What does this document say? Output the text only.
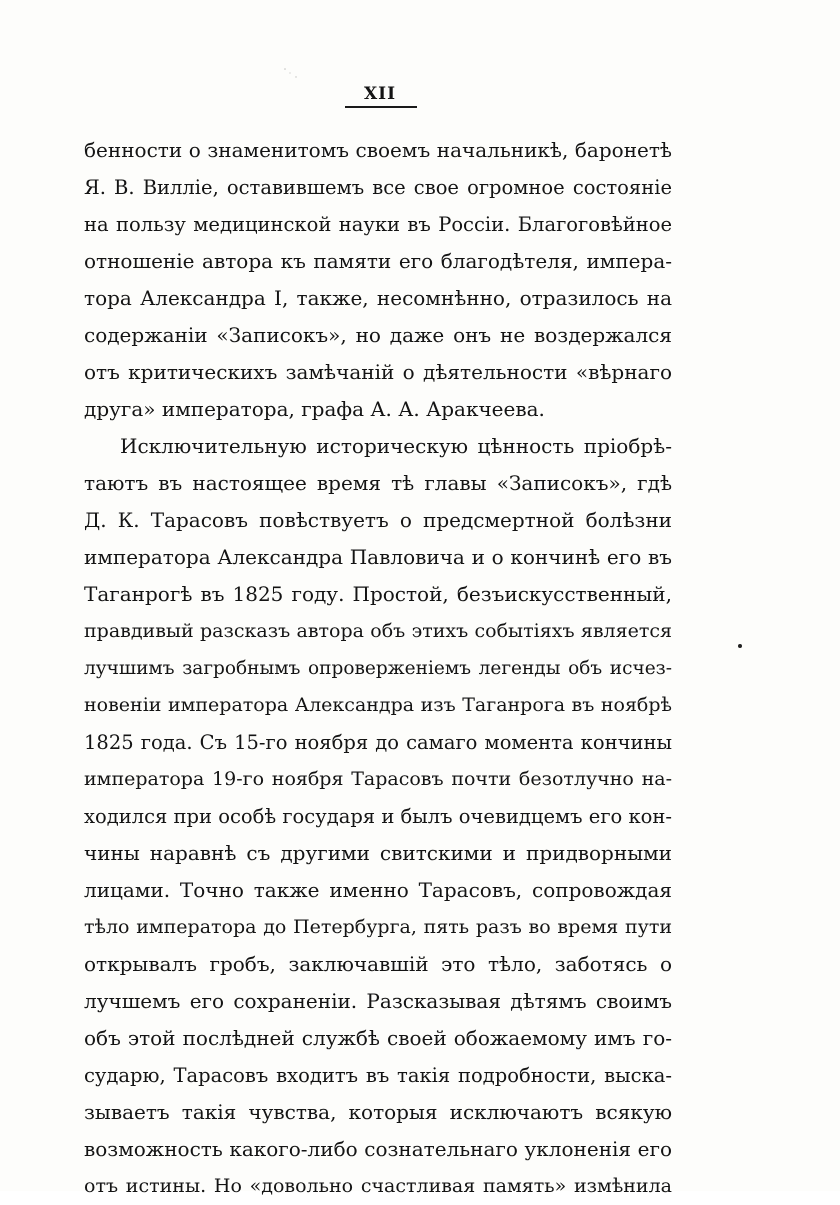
XII
бенности о знаменитомъ своемъ начальникѣ, баронетѣ
Я. В. Виллiе, оставившемъ все свое огромное состоянiе
на пользу медицинской науки въ Россiи. Благоговѣйное
отношенiе автора къ памяти его благодѣтеля, импера-
тора Александра I, также, несомнѣнно, отразилось на
содержанiи «Записокъ», но даже онъ не воздержался
отъ критическихъ замѣчанiй о дѣятельности «вѣрнаго
друга» императора, графа А. А. Аракчеева.
Исключительную историческую цѣнность прiобрѣ-
таютъ въ настоящее время тѣ главы «Записокъ», гдѣ
Д. К. Тарасовъ повѣствуетъ о предсмертной болѣзни
императора Александра Павловича и о кончинѣ его въ
Таганрогѣ въ 1825 году. Простой, безъискусственный,
правдивый разсказъ автора объ этихъ событiяхъ является
лучшимъ загробнымъ опроверженiемъ легенды объ исчез-
новенiи императора Александра изъ Таганрога въ ноябрѣ
1825 года. Съ 15-го ноября до самаго момента кончины
императора 19-го ноября Тарасовъ почти безотлучно на-
ходился при особѣ государя и былъ очевидцемъ его кон-
чины наравнѣ съ другими свитскими и придворными
лицами. Точно также именно Тарасовъ, сопровождая
тѣло императора до Петербурга, пять разъ во время пути
открывалъ гробъ, заключавшiй это тѣло, заботясь о
лучшемъ его сохраненiи. Разсказывая дѣтямъ своимъ
объ этой послѣдней службѣ своей обожаемому имъ го-
сударю, Тарасовъ входитъ въ такiя подробности, выска-
зываетъ такiя чувства, которыя исключаютъ всякую
возможность какого-либо сознательнаго уклоненiя его
отъ истины. Но «довольно счастливая память» измѣнила
